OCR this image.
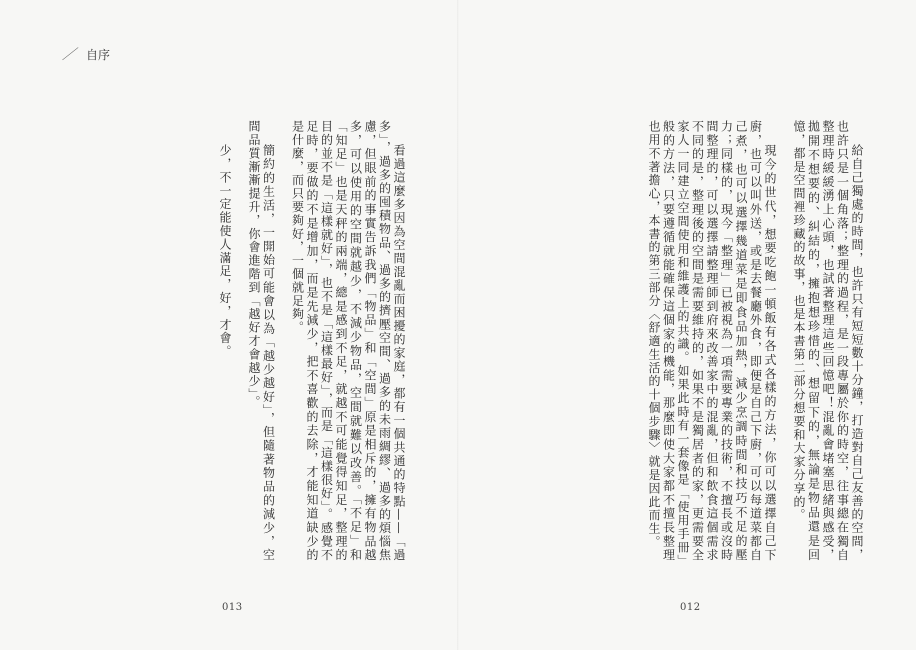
／ 自序

給自己獨處的時間，也許只有短短數十分鐘，打造對自己友善的空間，也許只是一個角落；整理的過程，是一段專屬於你的時空，往事總在獨自整理時緩緩湧上心頭，也試著整理這些回憶吧！混亂會堵塞思緒與感受，拋開不想要的、糾結的，擁抱想珍惜的、想留下的，無論是物品還是回憶，都是空間裡珍藏的故事，也是本書第二部分想要和大家分享的。

現今的世代，想要吃飽一頓飯有各式各樣的方法，你可以選擇自己下廚，也可以叫外送，或是去餐廳外食，即便是自己下廚，可以每道菜都自己煮，也可以選擇幾道菜是即食品加熱，減少烹調時間和技巧不足的壓力；同樣的，現今「整理」已被視為一項需要專業的技術，不擅長或沒時間整理的，可以選擇請整理師到府來改善家中的混亂，但和飲食這個需求不同的是，整理後的空間是需要維持的，如果不是獨居者的家，更需要全家人一同建立空間使用和維護上的共識。如果此時有一套像是「使用手冊」般的方法，只要遵循就能確保這個家的機能，那麼即使大家都不擅長整理也用不著擔心，本書的第三部分〈舒適生活的十個步驟〉就是因此而生。

012

看過這麼多因為空間混亂而困擾的家庭，都有一個共通的特點——「過多」，過多的囤積物品、過多的擠壓空間、過多的未雨綢繆、過多的煩惱焦慮，但眼前的事實告訴我們「物品」和「空間」原是相斥的，擁有物品越多，可以使用的空間就越少，不減少物品，空間就難以改善。「不足」和「知足」也是天秤的兩端，總是感到不足，就越不可能覺得知足，整理的目的並不是「這樣就好」，也不是「這樣最好」，而是「這樣很好」。感覺不足時，要做的不是增加，而是先減少，把不喜歡的去除，才能知道缺少的是什麼，而只要夠好，一個就足夠。

簡約的生活，一開始可能會以為「越少越好」，但隨著物品的減少，空間品質漸漸提升，你會進階到「越好才會越少」。

少，不一定能使人滿足，好，才會。

013
